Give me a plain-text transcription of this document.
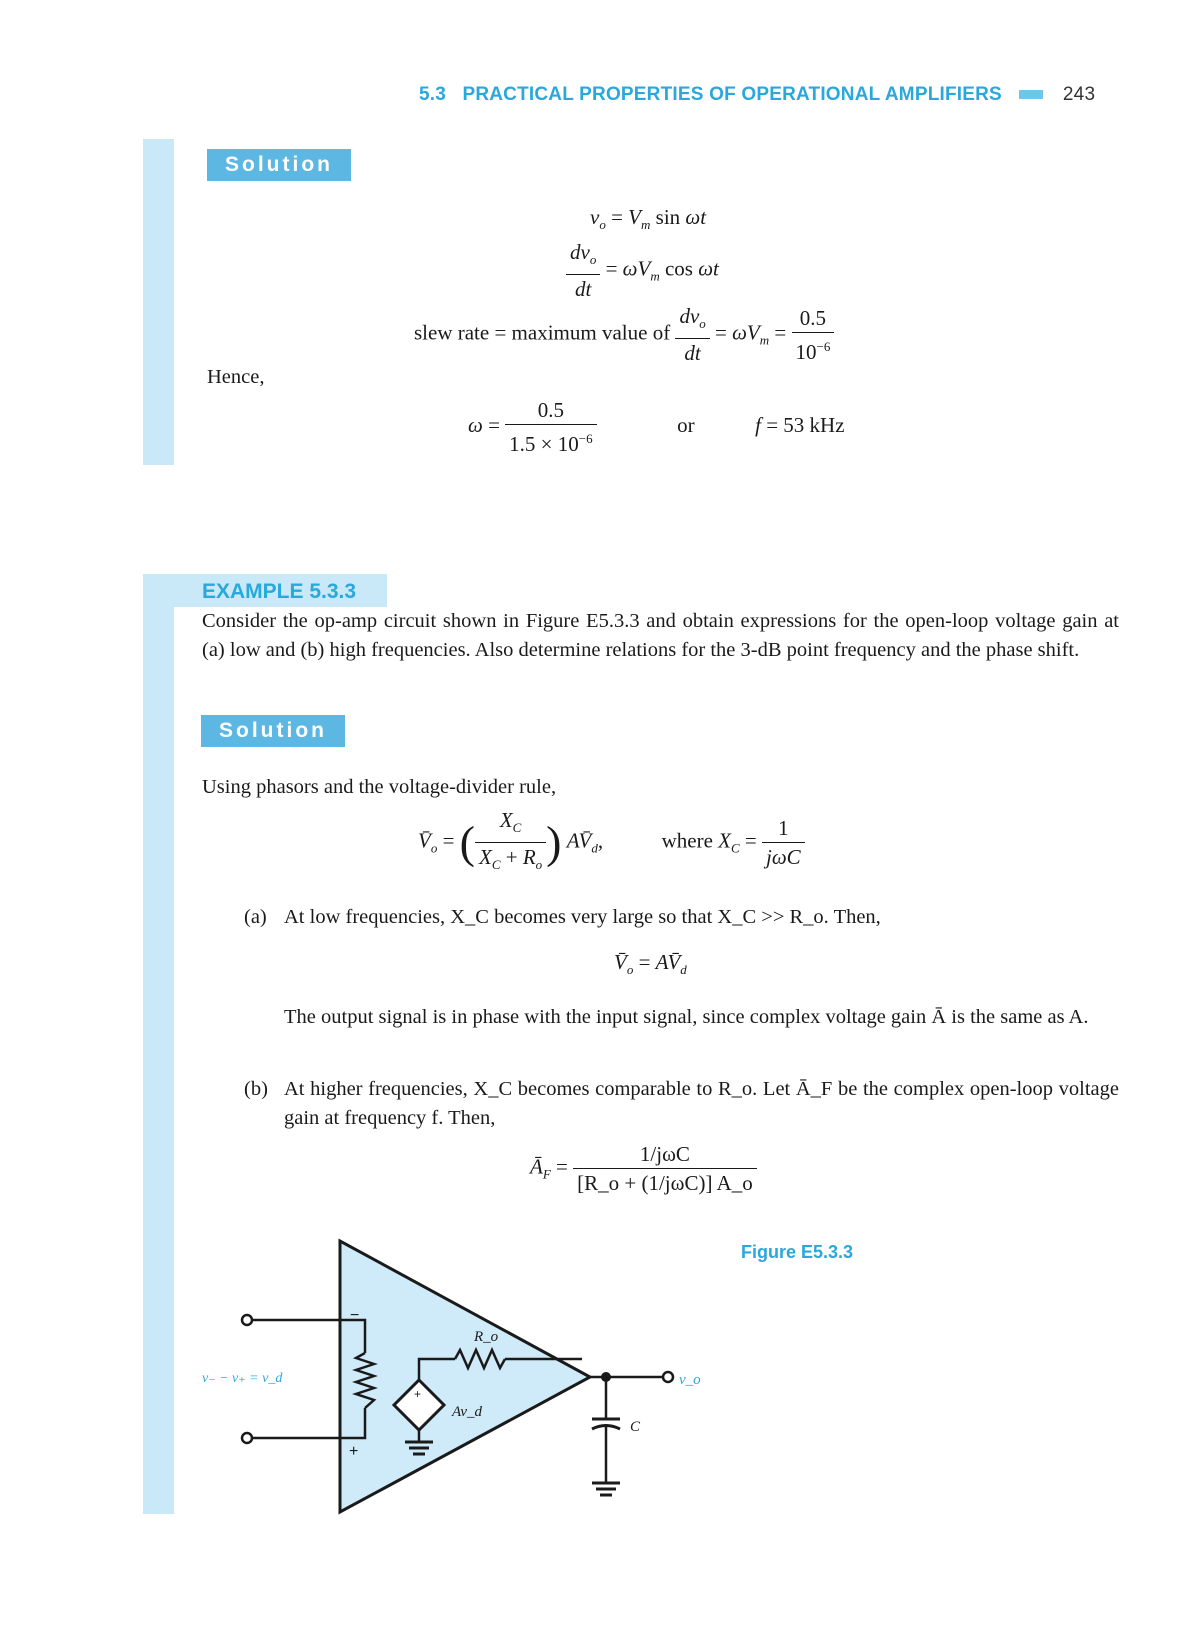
5.3 PRACTICAL PROPERTIES OF OPERATIONAL AMPLIFIERS	243
Solution
$v_o = V_m$ sin ωt
$\frac{dv_o}{dt} = \omega V_m$ cos ωt
slew rate = maximum value of $\frac{dv_o}{dt} = \omega V_m = \frac{0.5}{10^{-6}}$
Hence,
$\omega = \frac{0.5}{1.5 \times 10^{-6}}$	or	f = 53 kHz
EXAMPLE 5.3.3
Consider the op-amp circuit shown in Figure E5.3.3 and obtain expressions for the open-loop voltage gain at (a) low and (b) high frequencies. Also determine relations for the 3-dB point frequency and the phase shift.
Solution
Using phasors and the voltage-divider rule,
$V̄_o$ = ( $\frac{X_C}{X_C + R_o}$ ) $AV̄_d$,	where $X_C = \frac{1}{\text{jωC}}$
(a) At low frequencies, X_C becomes very large so that X_C >> R_o. Then,
$V̄_o$ = $AV̄_d$
The output signal is in phase with the input signal, since complex voltage gain Ā is the same as A.
(b) At higher frequencies, X_C becomes comparable to R_o. Let Ā_F be the complex open-loop voltage gain at frequency f. Then,
$Ā_F = \frac{\text{1/jωC}}{\text{[R\_o + (1/jωC)] A\_o}}$
Figure E5.3.3
−
+
+
R_o
Av_d
v_o
C
v₋ − v₊ = v_d
